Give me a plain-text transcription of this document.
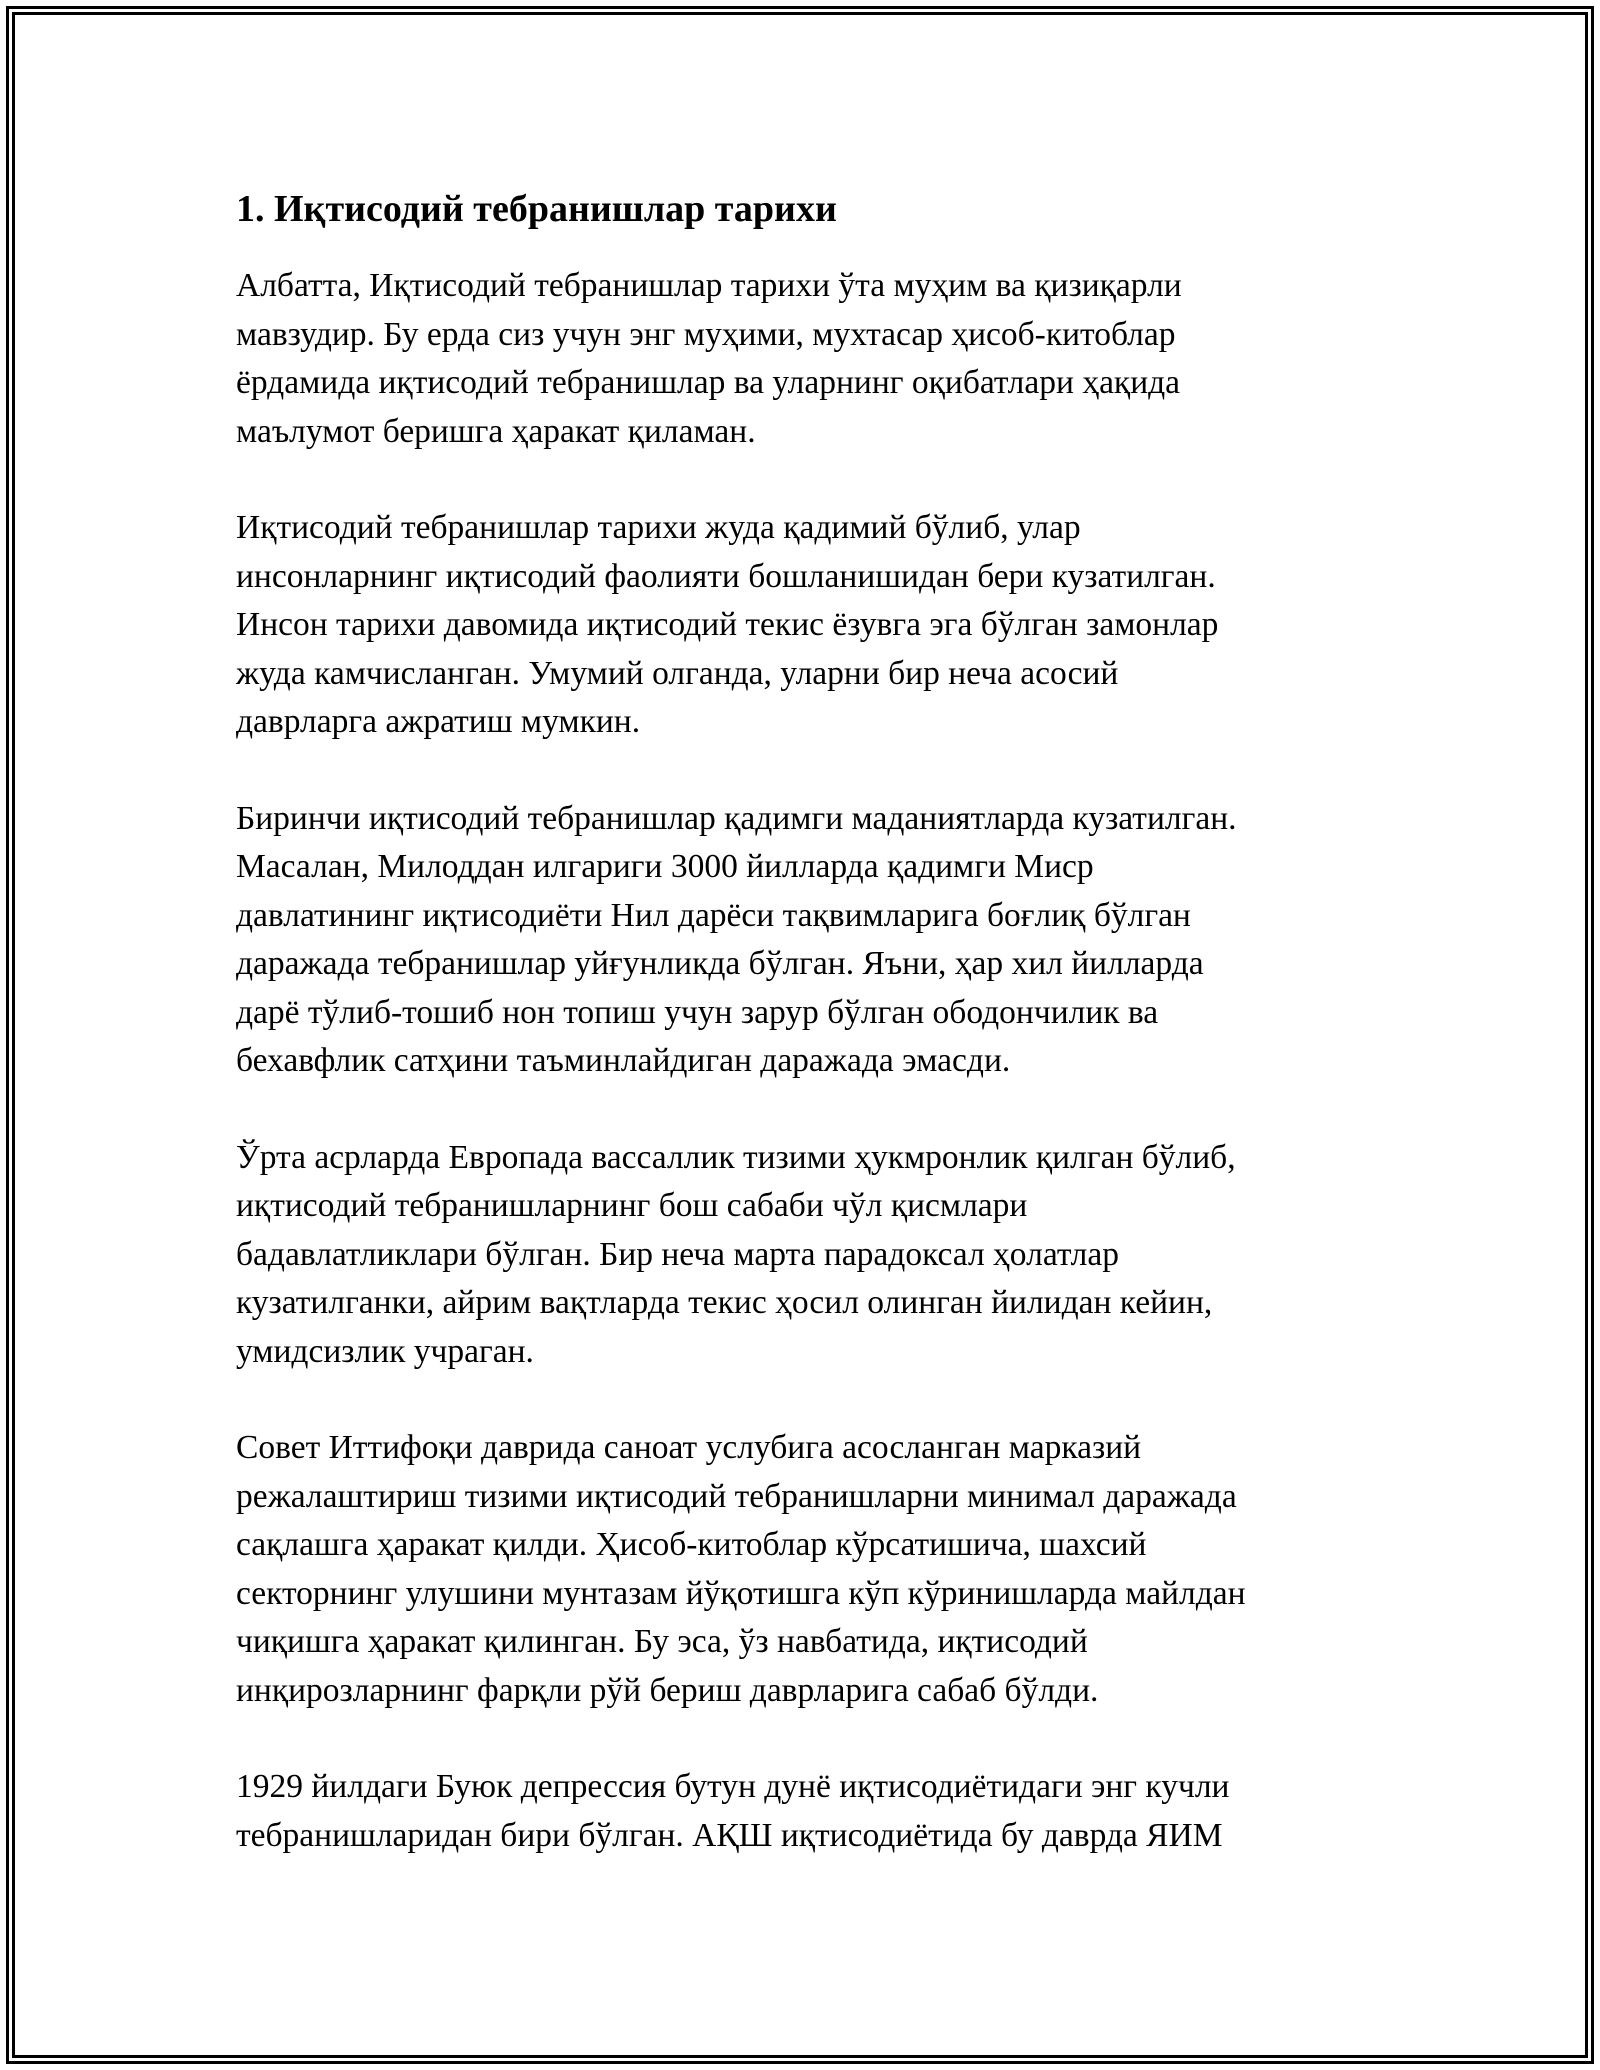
1. Иқтисодий тебранишлар тарихи

Албатта, Иқтисодий тебранишлар тарихи ўта муҳим ва қизиқарли
мавзудир. Бу ерда сиз учун энг муҳими, мухтасар ҳисоб-китоблар
ёрдамида иқтисодий тебранишлар ва уларнинг оқибатлари ҳақида
маълумот беришга ҳаракат қиламан.

Иқтисодий тебранишлар тарихи жуда қадимий бўлиб, улар
инсонларнинг иқтисодий фаолияти бошланишидан бери кузатилган.
Инсон тарихи давомида иқтисодий текис ёзувга эга бўлган замонлар
жуда камчисланган. Умумий олганда, уларни бир неча асосий
даврларга ажратиш мумкин.

Биринчи иқтисодий тебранишлар қадимги маданиятларда кузатилган.
Масалан, Милоддан илгариги 3000 йилларда қадимги Миср
давлатининг иқтисодиёти Нил дарёси тақвимларига боғлиқ бўлган
даражада тебранишлар уйғунликда бўлган. Яъни, ҳар хил йилларда
дарё тўлиб-тошиб нон топиш учун зарур бўлган ободончилик ва
бехавфлик сатҳини таъминлайдиган даражада эмасди.

Ўрта асрларда Европада вассаллик тизими ҳукмронлик қилган бўлиб,
иқтисодий тебранишларнинг бош сабаби чўл қисмлари
бадавлатликлари бўлган. Бир неча марта парадоксал ҳолатлар
кузатилганки, айрим вақтларда текис ҳосил олинган йилидан кейин,
умидсизлик учраган.

Совет Иттифоқи даврида саноат услубига асосланган марказий
режалаштириш тизими иқтисодий тебранишларни минимал даражада
сақлашга ҳаракат қилди. Ҳисоб-китоблар кўрсатишича, шахсий
секторнинг улушини мунтазам йўқотишга кўп кўринишларда майлдан
чиқишга ҳаракат қилинган. Бу эса, ўз навбатида, иқтисодий
инқирозларнинг фарқли рўй бериш даврларига сабаб бўлди.

1929 йилдаги Буюк депрессия бутун дунё иқтисодиётидаги энг кучли
тебранишларидан бири бўлган. АҚШ иқтисодиётида бу даврда ЯИМ
